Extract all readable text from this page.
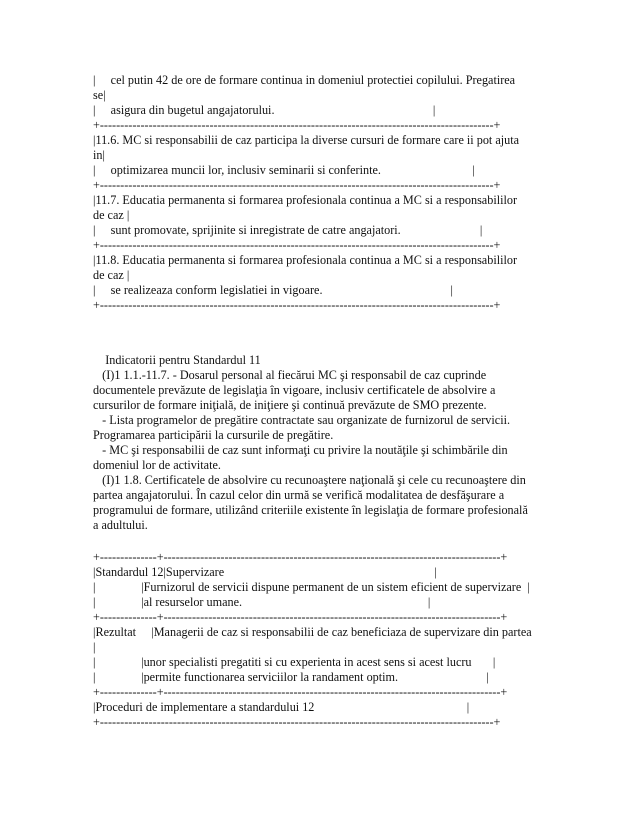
|     cel putin 42 de ore de formare continua in domeniul protectiei copilului. Pregatirea
se|
|     asigura din bugetul angajatorului.                                                    |
+-------------------------------------------------------------------------------------------------+
|11.6. MC si responsabilii de caz participa la diverse cursuri de formare care ii pot ajuta
in|
|     optimizarea muncii lor, inclusiv seminarii si conferinte.                              |
+-------------------------------------------------------------------------------------------------+
|11.7. Educatia permanenta si formarea profesionala continua a MC si a responsabililor
de caz |
|     sunt promovate, sprijinite si inregistrate de catre angajatori.                          |
+-------------------------------------------------------------------------------------------------+
|11.8. Educatia permanenta si formarea profesionala continua a MC si a responsabililor
de caz |
|     se realizeaza conform legislatiei in vigoare.                                          |
+-------------------------------------------------------------------------------------------------+
Indicatorii pentru Standardul 11
(I)1 1.1.-11.7. - Dosarul personal al fiecărui MC şi responsabil de caz cuprinde
documentele prevăzute de legislaţia în vigoare, inclusiv certificatele de absolvire a
cursurilor de formare iniţială, de iniţiere şi continuă prevăzute de SMO prezente.
- Lista programelor de pregătire contractate sau organizate de furnizorul de servicii.
Programarea participării la cursurile de pregătire.
- MC şi responsabilii de caz sunt informaţi cu privire la noutăţile şi schimbările din
domeniul lor de activitate.
(I)1 1.8. Certificatele de absolvire cu recunoaştere naţională şi cele cu recunoaştere din
partea angajatorului. În cazul celor din urmă se verifică modalitatea de desfăşurare a
programului de formare, utilizând criteriile existente în legislaţia de formare profesională
a adultului.
+--------------+-----------------------------------------------------------------------------------+
|Standardul 12|Supervizare                                                                     |
|               |Furnizorul de servicii dispune permanent de un sistem eficient de supervizare  |
|               |al resurselor umane.                                                             |
+--------------+-----------------------------------------------------------------------------------+
|Rezultat     |Managerii de caz si responsabilii de caz beneficiaza de supervizare din partea
|
|               |unor specialisti pregatiti si cu experienta in acest sens si acest lucru       |
|               |permite functionarea serviciilor la randament optim.                             |
+--------------+-----------------------------------------------------------------------------------+
|Proceduri de implementare a standardului 12                                                  |
+-------------------------------------------------------------------------------------------------+
